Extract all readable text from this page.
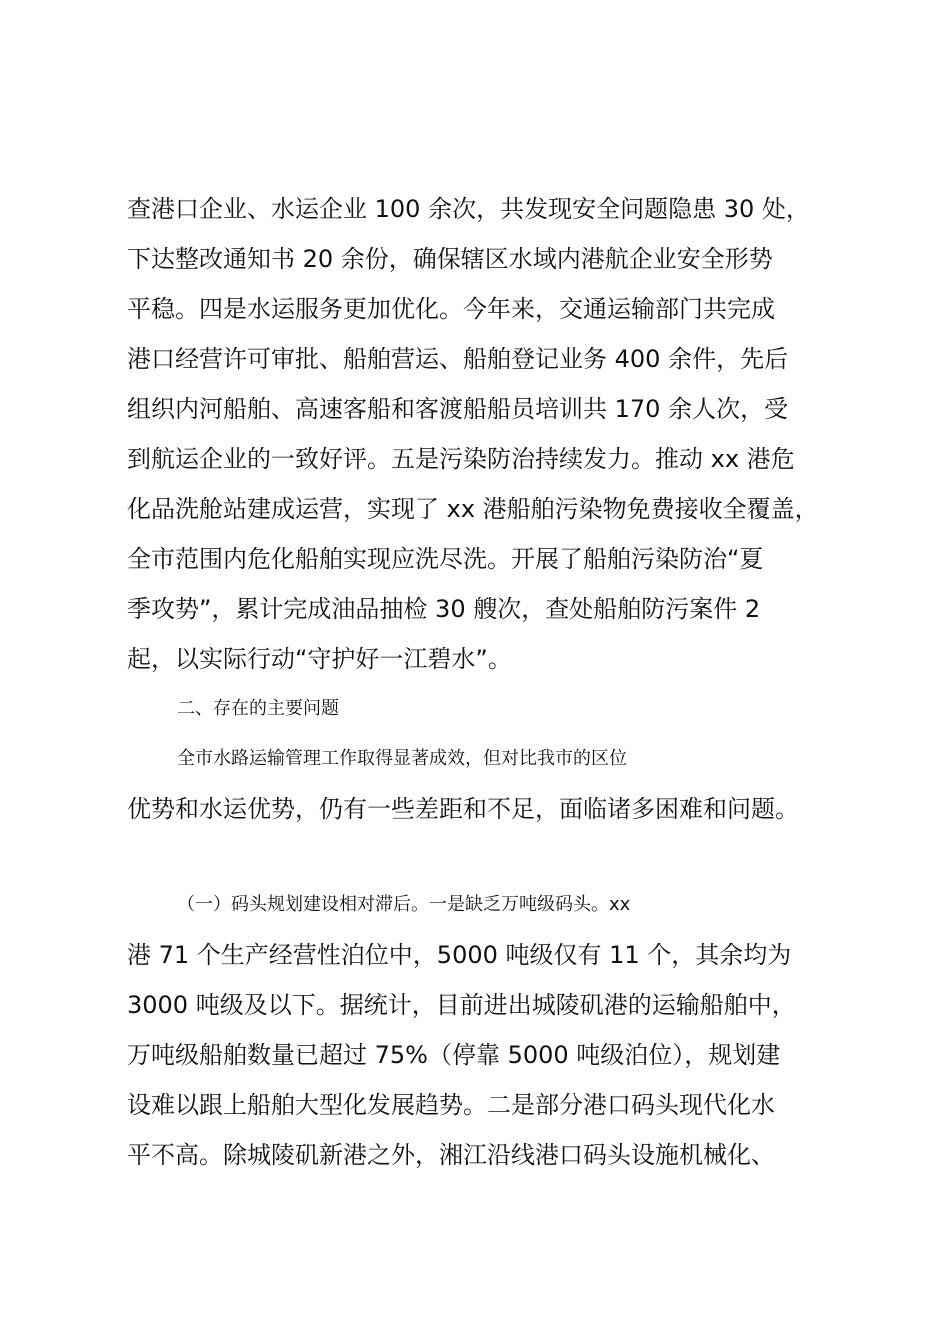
查港口企业、水运企业 100 余次，共发现安全问题隐患 30 处，
下达整改通知书 20 余份，确保辖区水域内港航企业安全形势
平稳。四是水运服务更加优化。今年来，交通运输部门共完成
港口经营许可审批、船舶营运、船舶登记业务 400 余件，先后
组织内河船舶、高速客船和客渡船船员培训共 170 余人次，受
到航运企业的一致好评。五是污染防治持续发力。推动 xx 港危
化品洗舱站建成运营，实现了 xx 港船舶污染物免费接收全覆盖，
全市范围内危化船舶实现应洗尽洗。开展了船舶污染防治“夏
季攻势”，累计完成油品抽检 30 艘次，查处船舶防污案件 2
起，以实际行动“守护好一江碧水”。
二、存在的主要问题
全市水路运输管理工作取得显著成效，但对比我市的区位
优势和水运优势，仍有一些差距和不足，面临诸多困难和问题。
（一）码头规划建设相对滞后。一是缺乏万吨级码头。xx
港 71 个生产经营性泊位中，5000 吨级仅有 11 个，其余均为
3000 吨级及以下。据统计，目前进出城陵矶港的运输船舶中，
万吨级船舶数量已超过 75%（停靠 5000 吨级泊位），规划建
设难以跟上船舶大型化发展趋势。二是部分港口码头现代化水
平不高。除城陵矶新港之外，湘江沿线港口码头设施机械化、
